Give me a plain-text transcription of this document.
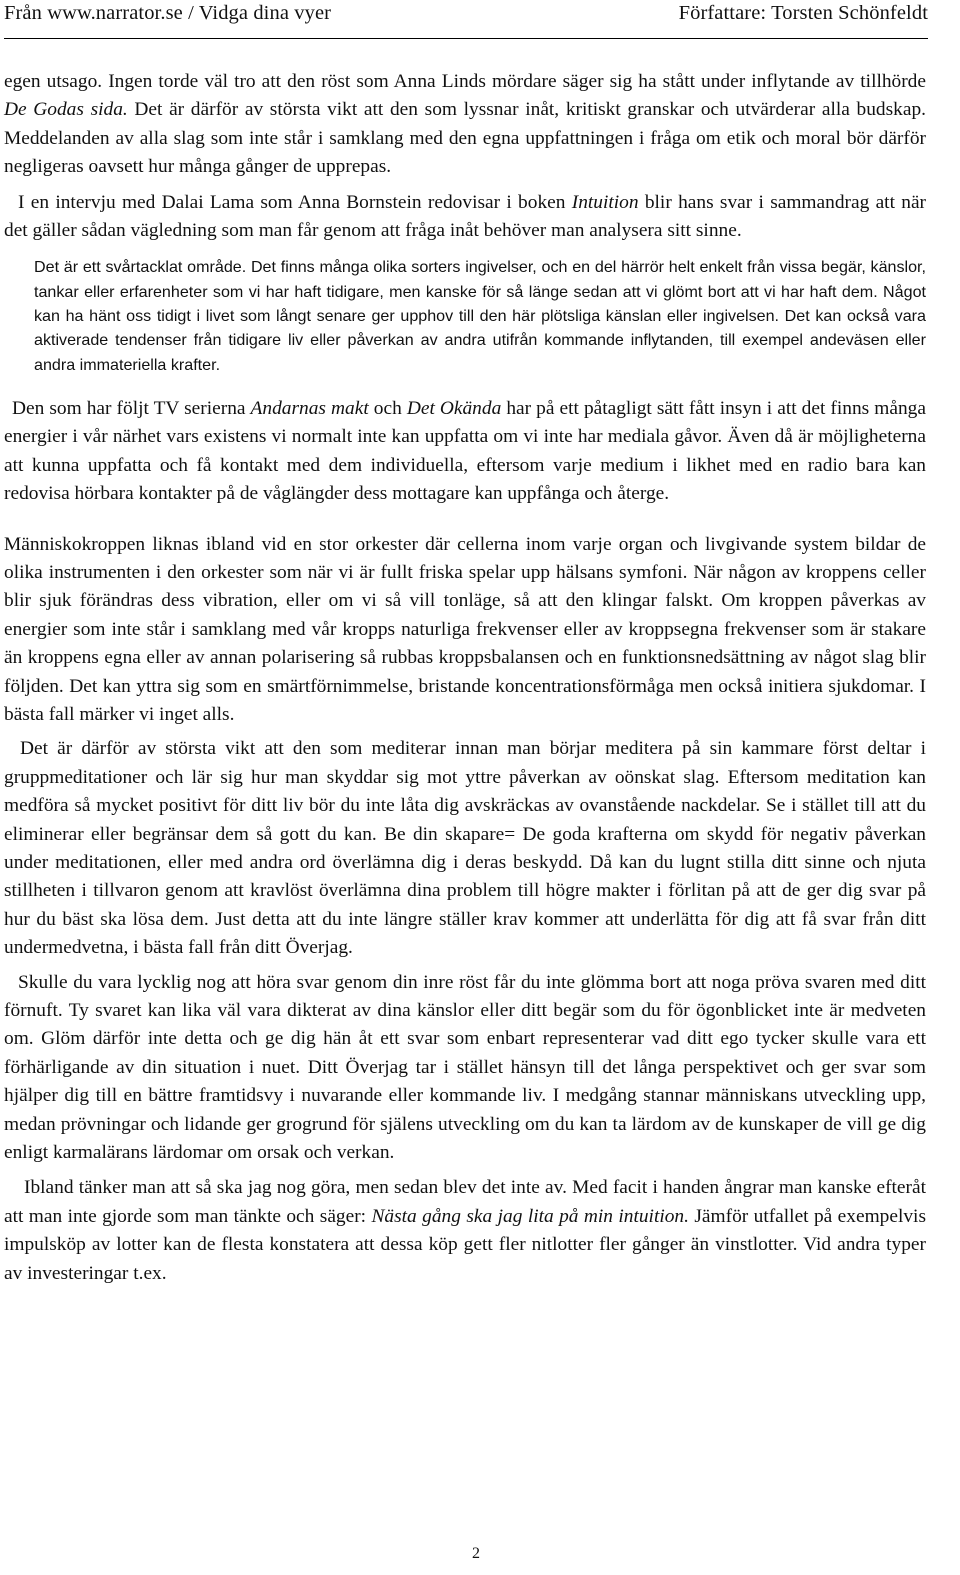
Från www.narrator.se / Vidga dina vyer	Författare: Torsten Schönfeldt

egen utsago. Ingen torde väl tro att den röst som Anna Linds mördare säger sig ha stått under inflytande av tillhörde De Godas sida. Det är därför av största vikt att den som lyssnar inåt, kritiskt granskar och utvärderar alla budskap. Meddelanden av alla slag som inte står i samklang med den egna uppfattningen i fråga om etik och moral bör därför negligeras oavsett hur många gånger de upprepas.

I en intervju med Dalai Lama som Anna Bornstein redovisar i boken Intuition blir hans svar i sammandrag att när det gäller sådan vägledning som man får genom att fråga inåt behöver man analysera sitt sinne.

Det är ett svårtacklat område. Det finns många olika sorters ingivelser, och en del härrör helt enkelt från vissa begär, känslor, tankar eller erfarenheter som vi har haft tidigare, men kanske för så länge sedan att vi glömt bort att vi har haft dem. Något kan ha hänt oss tidigt i livet som långt senare ger upphov till den här plötsliga känslan eller ingivelsen. Det kan också vara aktiverade tendenser från tidigare liv eller påverkan av andra utifrån kommande inflytanden, till exempel andeväsen eller andra immateriella krafter.

Den som har följt TV serierna Andarnas makt och Det Okända har på ett påtagligt sätt fått insyn i att det finns många energier i vår närhet vars existens vi normalt inte kan uppfatta om vi inte har mediala gåvor. Även då är möjligheterna att kunna uppfatta och få kontakt med dem individuella, eftersom varje medium i likhet med en radio bara kan redovisa hörbara kontakter på de våglängder dess mottagare kan uppfånga och återge.

Människokroppen liknas ibland vid en stor orkester där cellerna inom varje organ och livgivande system bildar de olika instrumenten i den orkester som när vi är fullt friska spelar upp hälsans symfoni. När någon av kroppens celler blir sjuk förändras dess vibration, eller om vi så vill tonläge, så att den klingar falskt. Om kroppen påverkas av energier som inte står i samklang med vår kropps naturliga frekvenser eller av kroppsegna frekvenser som är stakare än kroppens egna eller av annan polarisering så rubbas kroppsbalansen och en funktionsnedsättning av något slag blir följden. Det kan yttra sig som en smärtförnimmelse, bristande koncentrationsförmåga men också initiera sjukdomar. I bästa fall märker vi inget alls.

Det är därför av största vikt att den som mediterar innan man börjar meditera på sin kammare först deltar i gruppmeditationer och lär sig hur man skyddar sig mot yttre påverkan av oönskat slag. Eftersom meditation kan medföra så mycket positivt för ditt liv bör du inte låta dig avskräckas av ovanstående nackdelar. Se i stället till att du eliminerar eller begränsar dem så gott du kan. Be din skapare= De goda krafterna om skydd för negativ påverkan under meditationen, eller med andra ord överlämna dig i deras beskydd. Då kan du lugnt stilla ditt sinne och njuta stillheten i tillvaron genom att kravlöst överlämna dina problem till högre makter i förlitan på att de ger dig svar på hur du bäst ska lösa dem. Just detta att du inte längre ställer krav kommer att underlätta för dig att få svar från ditt undermedvetna, i bästa fall från ditt Överjag.

Skulle du vara lycklig nog att höra svar genom din inre röst får du inte glömma bort att noga pröva svaren med ditt förnuft. Ty svaret kan lika väl vara dikterat av dina känslor eller ditt begär som du för ögonblicket inte är medveten om. Glöm därför inte detta och ge dig hän åt ett svar som enbart representerar vad ditt ego tycker skulle vara ett förhärligande av din situation i nuet. Ditt Överjag tar i stället hänsyn till det långa perspektivet och ger svar som hjälper dig till en bättre framtidsvy i nuvarande eller kommande liv. I medgång stannar människans utveckling upp, medan prövningar och lidande ger grogrund för själens utveckling om du kan ta lärdom av de kunskaper de vill ge dig enligt karmalärans lärdomar om orsak och verkan.

Ibland tänker man att så ska jag nog göra, men sedan blev det inte av. Med facit i handen ångrar man kanske efteråt att man inte gjorde som man tänkte och säger: Nästa gång ska jag lita på min intuition. Jämför utfallet på exempelvis impulsköp av lotter kan de flesta konstatera att dessa köp gett fler nitlotter fler gånger än vinstlotter. Vid andra typer av investeringar t.ex.

2
